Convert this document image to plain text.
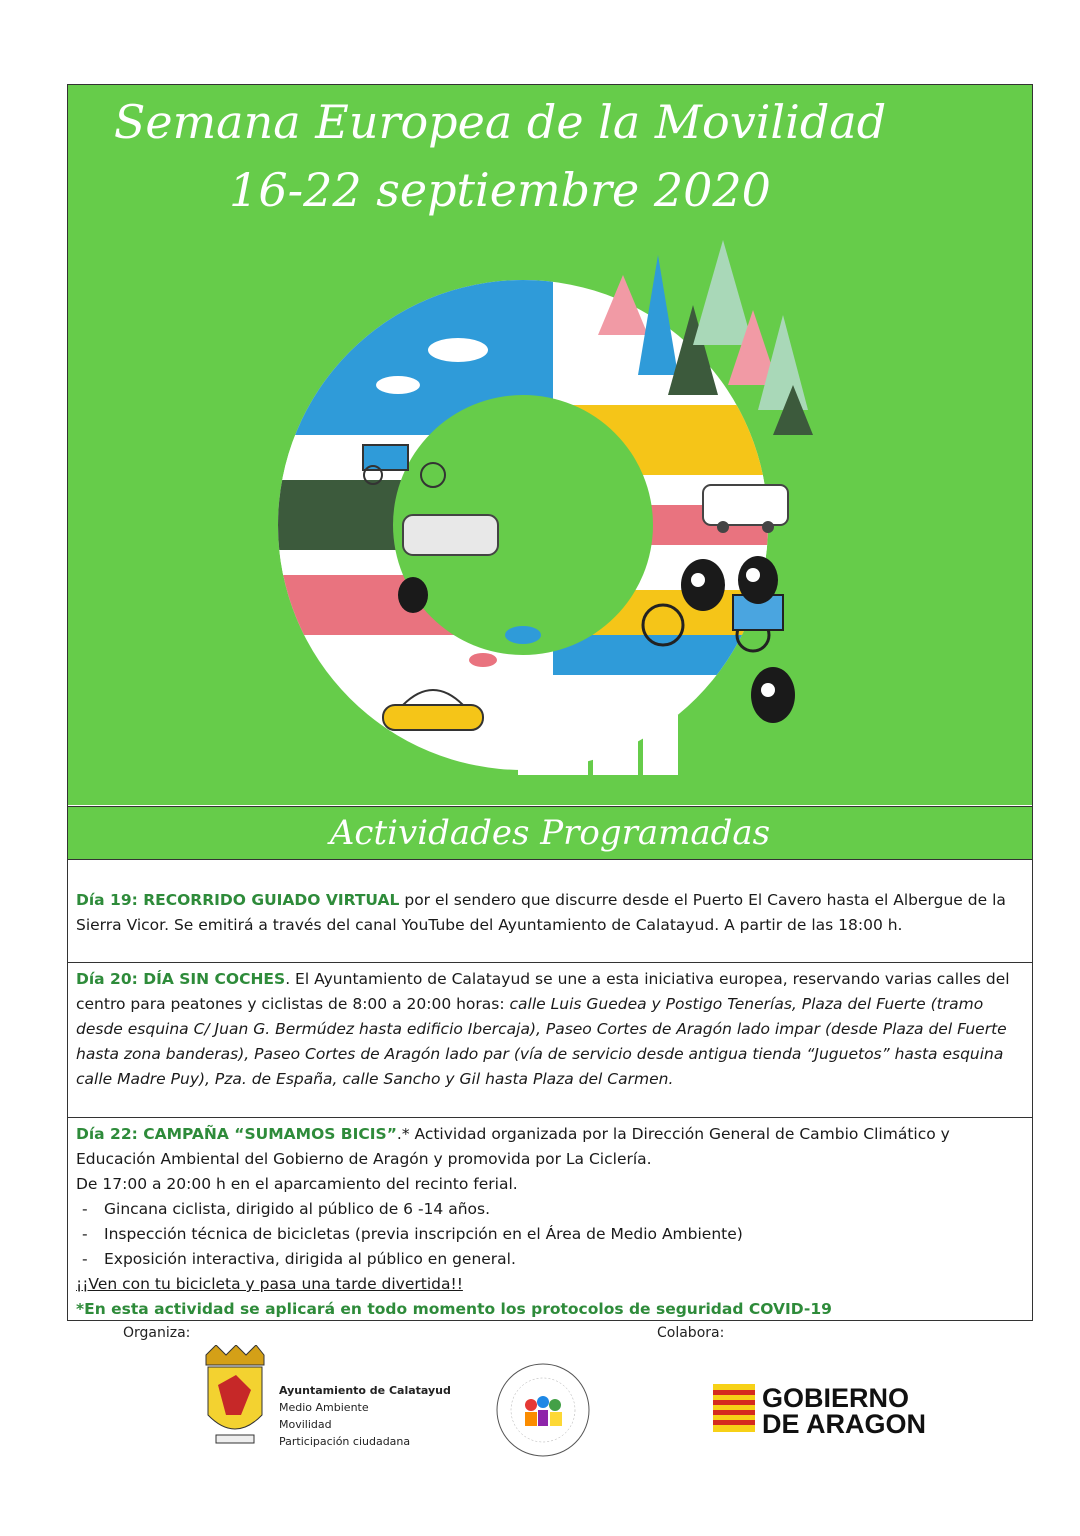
Semana Europea de la Movilidad
16-22 septiembre 2020
Actividades Programadas
Día 19: RECORRIDO GUIADO VIRTUAL por el sendero que discurre desde el Puerto El Cavero hasta el Albergue de la Sierra Vicor. Se emitirá a través del canal YouTube del Ayuntamiento de Calatayud. A partir de las 18:00 h.
Día 20: DÍA SIN COCHES. El Ayuntamiento de Calatayud se une a esta iniciativa europea, reservando varias calles del centro para peatones y ciclistas de 8:00 a 20:00 horas: calle Luis Guedea y Postigo Tenerías, Plaza del Fuerte (tramo desde esquina C/ Juan G. Bermúdez hasta edificio Ibercaja), Paseo Cortes de Aragón lado impar (desde Plaza del Fuerte hasta zona banderas), Paseo Cortes de Aragón lado par (vía de servicio desde antigua tienda “Juguetos” hasta esquina calle Madre Puy), Pza. de España, calle Sancho y Gil hasta Plaza del Carmen.
Día 22: CAMPAÑA “SUMAMOS BICIS”.* Actividad organizada por la Dirección General de Cambio Climático y Educación Ambiental del Gobierno de Aragón y promovida por La Ciclería.
De 17:00 a 20:00 h en el aparcamiento del recinto ferial.
- Gincana ciclista, dirigido al público de 6 -14 años.
- Inspección técnica de bicicletas (previa inscripción en el Área de Medio Ambiente)
- Exposición interactiva, dirigida al público en general.
¡¡Ven con tu bicicleta y pasa una tarde divertida!!
*En esta actividad se aplicará en todo momento los protocolos de seguridad COVID-19
Organiza:	Colabora:
Ayuntamiento de Calatayud
Medio Ambiente
Movilidad
Participación ciudadana
GOBIERNO
DE ARAGON
